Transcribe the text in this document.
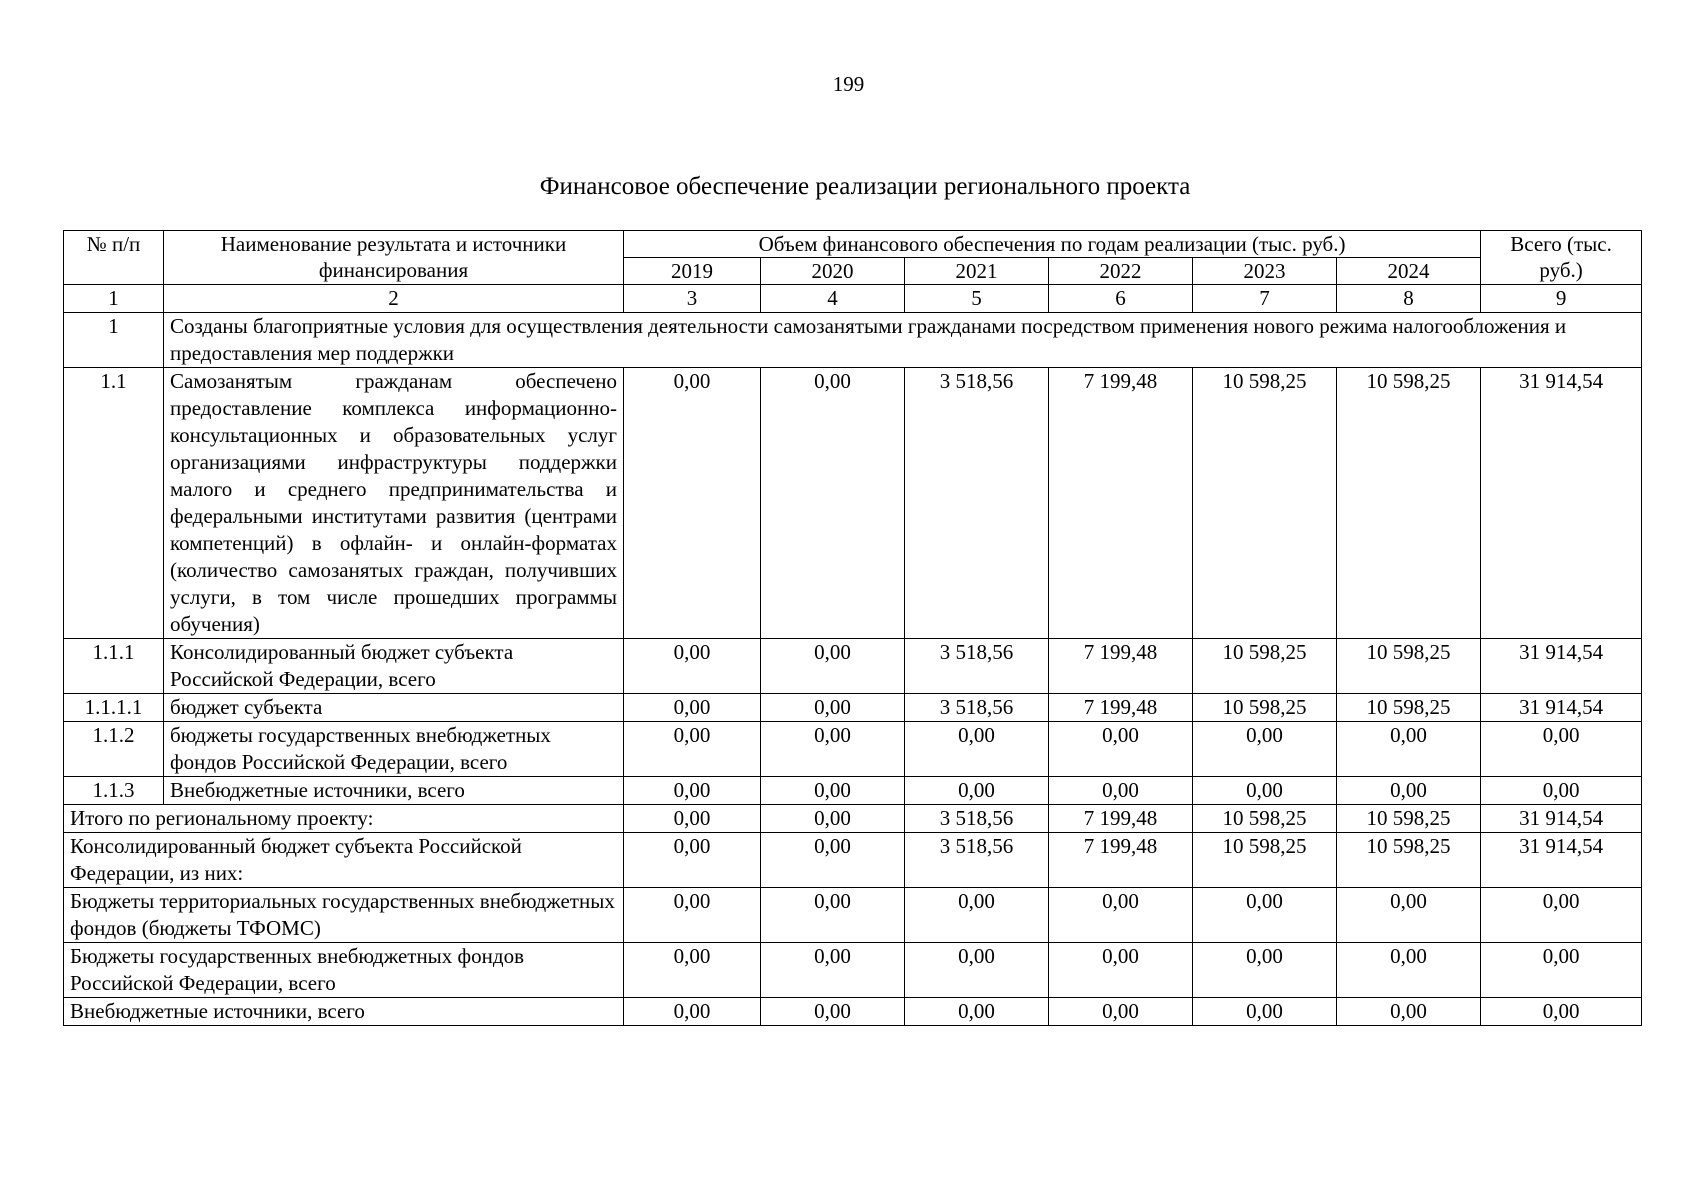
199
Финансовое обеспечение реализации регионального проекта
№ п/п	Наименование результата и источники финансирования	Объем финансового обеспечения по годам реализации (тыс. руб.)						Всего (тыс. руб.)
		2019	2020	2021	2022	2023	2024	
1	2	3	4	5	6	7	8	9
1	Созданы благоприятные условия для осуществления деятельности самозанятыми гражданами посредством применения нового режима налогообложения и предоставления мер поддержки							
1.1	Самозанятым гражданам обеспечено предоставление комплекса информационно-консультационных и образовательных услуг организациями инфраструктуры поддержки малого и среднего предпринимательства и федеральными институтами развития (центрами компетенций) в офлайн- и онлайн-форматах (количество самозанятых граждан, получивших услуги, в том числе прошедших программы обучения)	0,00	0,00	3 518,56	7 199,48	10 598,25	10 598,25	31 914,54
1.1.1	Консолидированный бюджет субъекта Российской Федерации, всего	0,00	0,00	3 518,56	7 199,48	10 598,25	10 598,25	31 914,54
1.1.1.1	бюджет субъекта	0,00	0,00	3 518,56	7 199,48	10 598,25	10 598,25	31 914,54
1.1.2	бюджеты государственных внебюджетных фондов Российской Федерации, всего	0,00	0,00	0,00	0,00	0,00	0,00	0,00
1.1.3	Внебюджетные источники, всего	0,00	0,00	0,00	0,00	0,00	0,00	0,00
Итого по региональному проекту:		0,00	0,00	3 518,56	7 199,48	10 598,25	10 598,25	31 914,54
Консолидированный бюджет субъекта Российской Федерации, из них:		0,00	0,00	3 518,56	7 199,48	10 598,25	10 598,25	31 914,54
Бюджеты территориальных государственных внебюджетных фондов (бюджеты ТФОМС)		0,00	0,00	0,00	0,00	0,00	0,00	0,00
Бюджеты государственных внебюджетных фондов Российской Федерации, всего		0,00	0,00	0,00	0,00	0,00	0,00	0,00
Внебюджетные источники, всего		0,00	0,00	0,00	0,00	0,00	0,00	0,00
